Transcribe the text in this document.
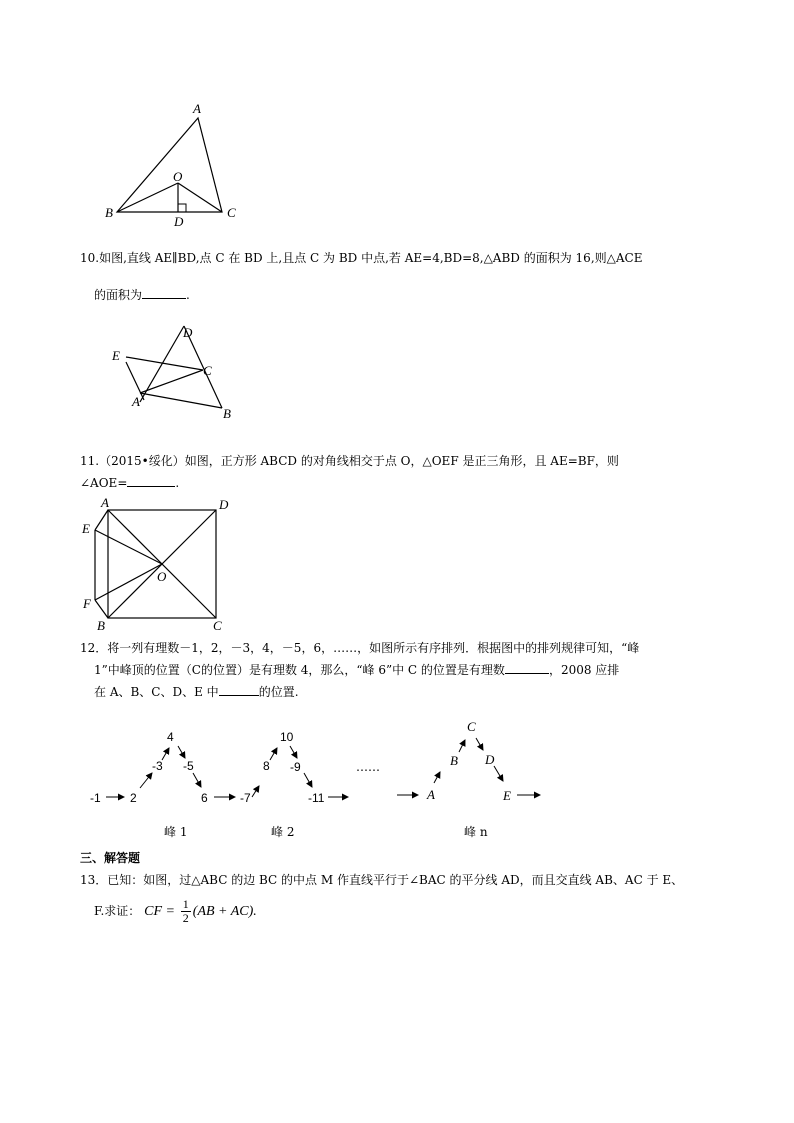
A
O
B	C
D
D
E
C
A
B
A	D
E
O
F
B	C
-1 2
-3
4
-5
6	-7
8
10
-9
-11
……
A
B
C
D
E
峰 1	峰 2	峰 n
10.如图,直线 AE∥BD,点 C 在 BD 上,且点 C 为 BD 中点,若 AE=4,BD=8,△ABD 的面积为 16,则△ACE
的面积为	.
11.（2015•绥化）如图，正方形 ABCD 的对角线相交于点 O，△OEF 是正三角形，且 AE=BF，则
∠AOE=	.
12．将一列有理数－1，2，－3，4，－5，6，……，如图所示有序排列．根据图中的排列规律可知，“峰
1”中峰顶的位置（C的位置）是有理数 4，那么，“峰 6”中 C 的位置是有理数	，2008 应排
在 A、B、C、D、E 中	的位置.
三、解答题
13．已知：如图，过△ABC 的边 BC 的中点 M 作直线平行于∠BAC 的平分线 AD，而且交直线 AB、AC 于 E、
F.求证： CF = $\frac{1}{2} (AB + AC)$.
